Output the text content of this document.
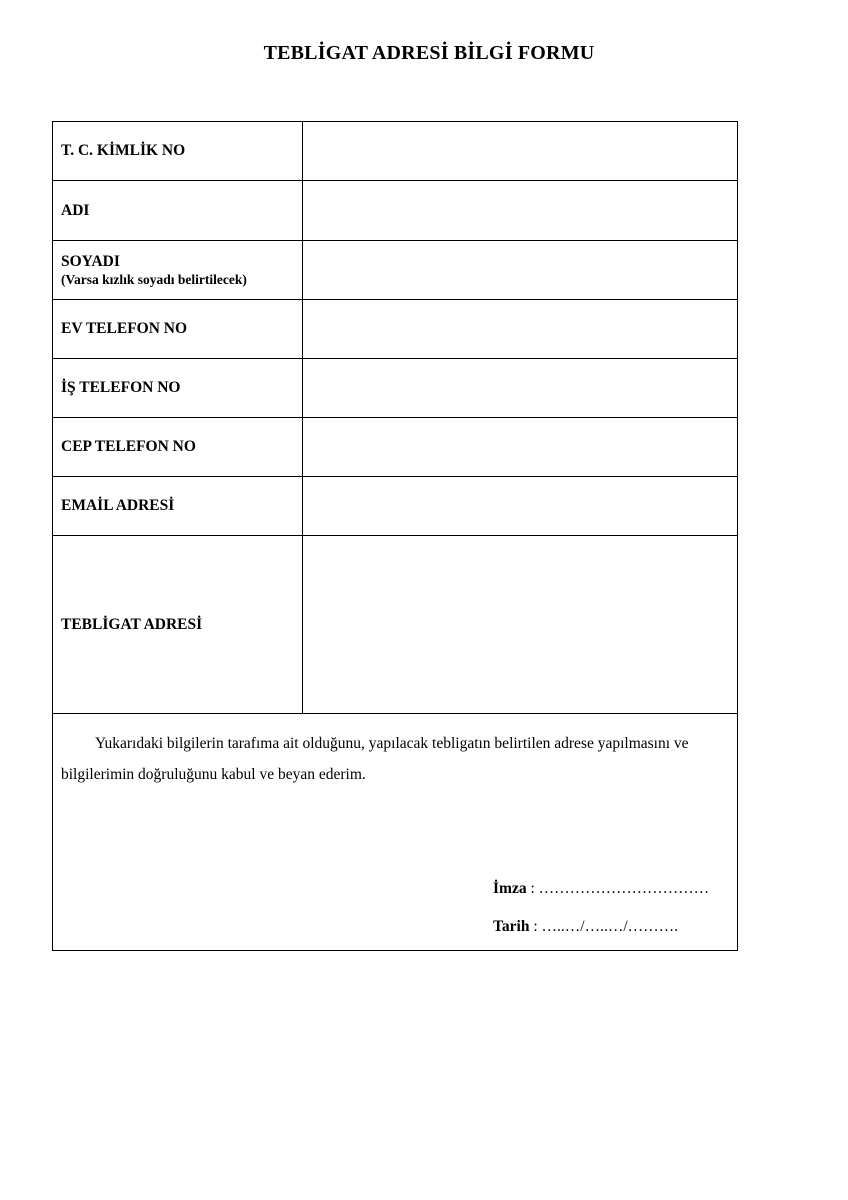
TEBLİGAT ADRESİ BİLGİ FORMU
T. C. KİMLİK NO	
ADI	
SOYADI
(Varsa kızlık soyadı belirtilecek)	

EV TELEFON NO	
İŞ TELEFON NO	
CEP TELEFON NO	
EMAİL ADRESİ	
TEBLİGAT ADRESİ	

Yukarıdaki bilgilerin tarafıma ait olduğunu, yapılacak tebligatın belirtilen adrese yapılmasını ve bilgilerimin doğruluğunu kabul ve beyan ederim.
İmza : ……………………………
Tarih : …..…/…..…/……….	
